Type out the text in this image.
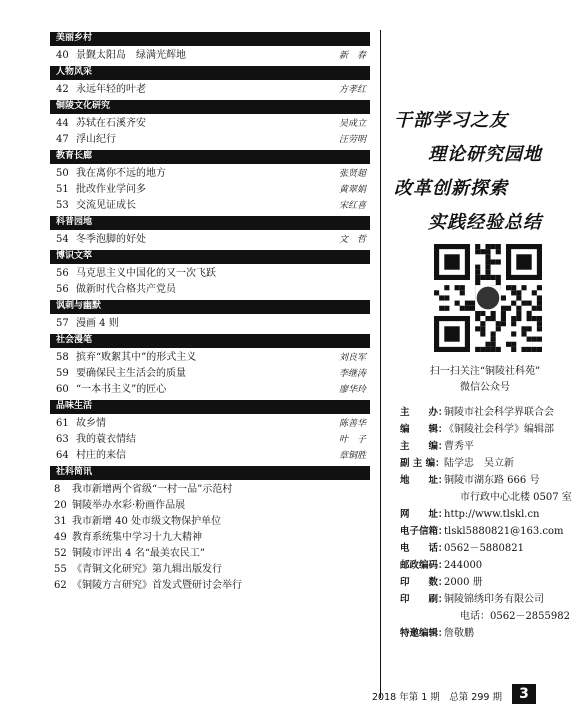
美丽乡村
40 景觐太阳岛　绿满光辉地	新　春
人物风采
42 永远年轻的叶老	方孝红
铜陵文化研究
44 苏轼在石溪齐安	吴成立
47 浮山纪行	汪劳明
教育长廊
50 我在离你不远的地方	张贤超
51 批改作业学问多	黄翠娟
53 交流见证成长	宋红喜
科普园地
54 冬季泡脚的好处	文　哲
博识文萃
56 马克思主义中国化的又一次飞跃
56 做新时代合格共产党员
讽刺与幽默
57 漫画 4 则
社会漫笔
58 摈弃“败絮其中”的形式主义	刘良军
59 要确保民主生活会的质量	李继涛
60 “一本书主义”的匠心	廖华玲
品味生活
61 故乡情	陈善华
63 我的蓑衣情结	叶　子
64 村庄的来信	章铜胜
社科简讯
8	我市新增两个省级“一村一品”示范村
20 铜陵举办水彩·粉画作品展
31 我市新增 40 处市级文物保护单位
49 教育系统集中学习十九大精神
52 铜陵市评出 4 名“最美农民工”
55 《青铜文化研究》第九辑出版发行
62 《铜陵方言研究》首发式暨研讨会举行
干部学习之友
理论研究园地
改革创新探索
实践经验总结
扫一扫关注“铜陵社科苑”
微信公众号
主　　办：
铜陵市社会科学界联合会
编　　辑：
《铜陵社会科学》编辑部
主　　编：
曹秀平
副 主 编： 陆学忠　吴立新
地　　址：
铜陵市湖东路 666 号
市行政中心北楼 0507 室
网　　址：
http://www.tlskl.cn
电子信箱：
tlskl5880821@163.com
电　　话：
0562－5880821
邮政编码：
244000
印　　数：
2000 册
印　　刷：
铜陵锦绣印务有限公司
电话：0562－2855982
特邀编辑：
詹敬鹏
2018 年第 1 期　总第 299 期	3
